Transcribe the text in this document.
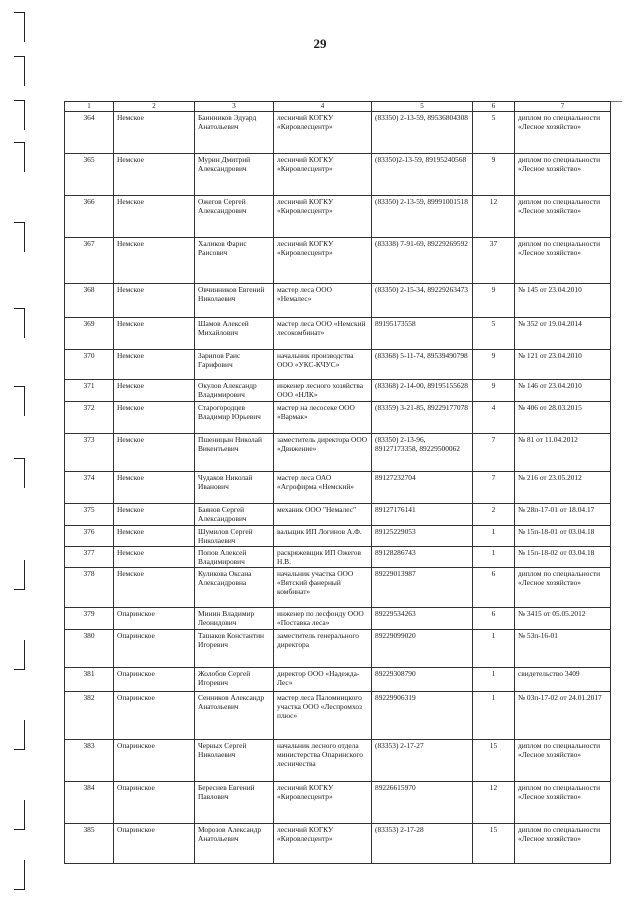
29
1	2	3	4	5	6	7
364	Немское	Баннников Эдуард Анатольевич	лесничий КОГКУ «Кировлесцентр»	(83350) 2-13-59, 89536804308	5	диплом по специальности «Лесное хозяйство»
365	Немское	Мурин Дмитрий Александрович	лесничий КОГКУ «Кировлесцентр»	(83350)2-13-59, 89195240568	9	диплом по специальности «Лесное хозяйство»
366	Немское	Ожегов Сергей Александрович	лесничий КОГКУ «Кировлесцентр»	(83350) 2-13-59, 89991001518	12	диплом по специальности «Лесное хозяйство»
367	Немское	Халиков Фарис Раисович	лесничий КОГКУ «Кировлесцентр»	(83338) 7-91-69, 89229269592	37	диплом по специальности «Лесное хозяйство»
368	Немское	Овчинников Евгений Николаевич	мастер леса ООО «Немалес»	(83350) 2-15-34, 89229263473	9	№ 145 от 23.04.2010
369	Немское	Шамов Алексей Михайлович	мастер леса ООО «Немский лесокомбинат»	89195173558	5	№ 352 от 19.04.2014
370	Немское	Зарипов Раис Гарифович	начальник производства ООО «УКС-КЧУС»	(83368) 5-11-74, 89539490798	9	№ 121 от 23.04.2010
371	Немское	Окулов Александр Владимирович	инженер лесного хозяйства ООО «НЛК»	(83368) 2-14-00, 89195155628	9	№ 146 от 23.04.2010
372	Немское	Старогородцев Владимир Юрьевич	мастер на лесосеке ООО «Вармак»	(83359) 3-21-85, 89229177078	4	№ 406 от 28.03.2015
373	Немское	Пшеницын Николай Викентьевич	заместитель директора ООО «Движение»	(83350) 2-13-96, 89127173358, 89229500062	7	№ 81 от 11.04.2012
374	Немское	Чудаков Николай Иванович	мастер леса ОАО «Агрофирма «Немский»	89127232704	7	№ 216 от 23.05.2012
375	Немское	Баянов Сергей Александрович	механик ООО "Немалес"	89127176141	2	№ 28п-17-01 от 18.04.17
376	Немское	Шумилов Сергей Николаевич	вальщик ИП Логинов А.Ф.	89125229053	1	№ 15п-18-01 от 03.04.18
377	Немское	Попов Алексей Владимирович	раскряжевщик ИП Ожегов Н.В.	89128286743	1	№ 15п-18-02 от 03.04.18
378	Немское	Куликова Оксана Александровна	начальник участка ООО «Вятский фанерный комбинат»	89229013987	6	диплом по специальности «Лесное хозяйство»
379	Опаринское	Минин Владимир Леонидович	инженер по лесфонду ООО «Поставка леса»	89229534263	6	№ 3415 от 05.05.2012
380	Опаринское	Ташаков Константин Игоревич	заместитель генерального директора	89229099020	1	№ 53п-16-01
381	Опаринское	Жолобов Сергей Игоревич	директор ООО «Надежда-Лес»	89229308790	1	свидетельство 3409
382	Опаринское	Сенников Александр Анатольевич	мастер леса Паломницкого участка ООО «Леспромхоз плюс»	89229906319	1	№ 03п-17-02 от 24.01.2017
383	Опаринское	Черных Сергей Николаевич	начальник лесного отдела министерства Опаринского лесничества	(83353) 2-17-27	15	диплом по специальности «Лесное хозяйство»
384	Опаринское	Береснев Евгений Павлович	лесничий КОГКУ «Кировлесцентр»	89226615970	12	диплом по специальности «Лесное хозяйство»
385	Опаринское	Морозов Александр Анатольевич	лесничий КОГКУ «Кировлесцентр»	(83353) 2-17-28	15	диплом по специальности «Лесное хозяйство»
